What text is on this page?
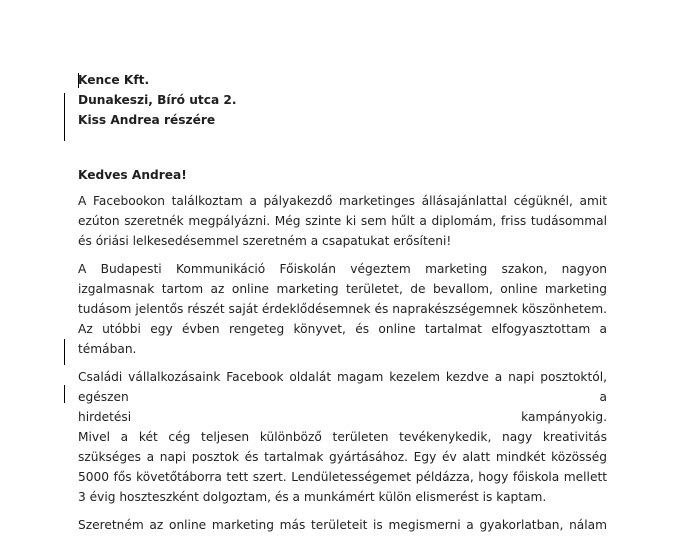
Kence Kft.
Dunakeszi, Bíró utca 2.
Kiss Andrea részére
Kedves Andrea!

A Facebookon találkoztam a pályakezdő marketinges állásajánlattal cégüknél, amit ezúton szeretnék megpályázni. Még szinte ki sem hűlt a diplomám, friss tudásommal és óriási lelkesedésemmel szeretném a csapatukat erősíteni!

A Budapesti Kommunikáció Főiskolán végeztem marketing szakon, nagyon izgalmasnak tartom az online marketing területet, de bevallom, online marketing tudásom jelentős részét saját érdeklődésemnek és naprakészségemnek köszönhetem. Az utóbbi egy évben rengeteg könyvet, és online tartalmat elfogyasztottam a témában.

Családi vállalkozásaink Facebook oldalát magam kezelem kezdve a napi posztoktól, egészen a
hirdetési	kampányokig.
Mivel a két cég teljesen különböző területen tevékenykedik, nagy kreativitás szükséges a napi posztok és tartalmak gyártásához. Egy év alatt mindkét közösség 5000 fős követőtáborra tett szert. Lendületességemet példázza, hogy főiskola mellett 3 évig hoszteszként dolgoztam, és a munkámért külön elismerést is kaptam.

Szeretném az online marketing más területeit is megismerni a gyakorlatban, nálam
